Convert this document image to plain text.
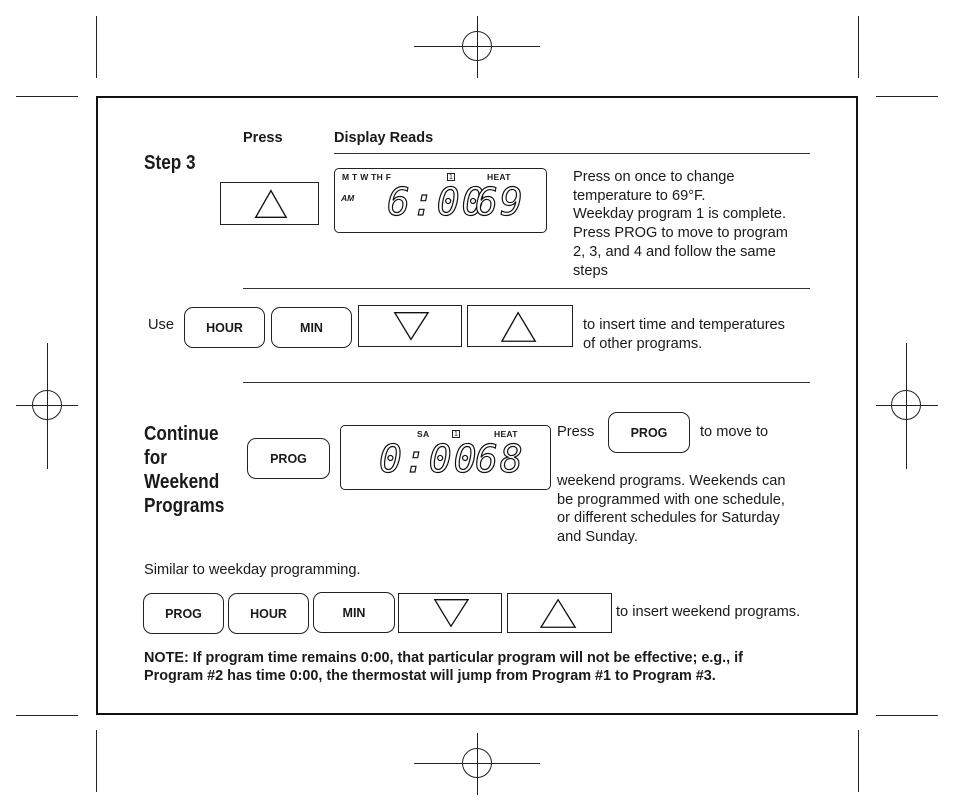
Press	Display Reads
Step 3
M T W TH F	1	HEAT
AM 6:00
69
Press on once to change
temperature to 69°F.
Weekday program 1 is complete.
Press PROG to move to program
2, 3, and 4 and follow the same
steps
Use	HOUR	MIN	to insert time and temperatures
of other programs.
Continue
for
Weekend
Programs
PROG
SA	1	HEAT
0:00
68
Press	PROG	to move to
weekend programs. Weekends can
be programmed with one schedule,
or different schedules for Saturday
and Sunday.
Similar to weekday programming.
PROG	HOUR	MIN	to insert weekend programs.
NOTE: If program time remains 0:00, that particular program will not be effective; e.g., if
Program #2 has time 0:00, the thermostat will jump from Program #1 to Program #3.
